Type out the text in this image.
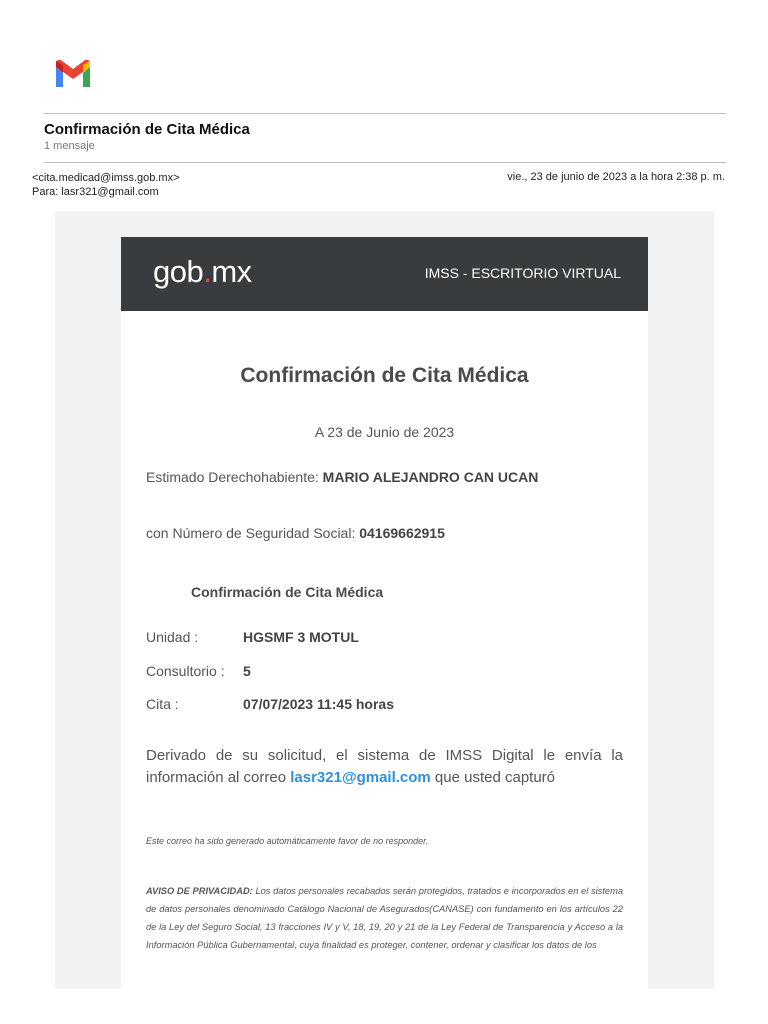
Confirmación de Cita Médica
1 mensaje
<cita.medicad@imss.gob.mx>
Para: lasr321@gmail.com
vie., 23 de junio de 2023 a la hora 2:38 p. m.
gob.mx	IMSS - ESCRITORIO VIRTUAL
Confirmación de Cita Médica
A 23 de Junio de 2023
Estimado Derechohabiente: MARIO ALEJANDRO CAN UCAN
con Número de Seguridad Social: 04169662915
Confirmación de Cita Médica
Unidad :	HGSMF 3 MOTUL
Consultorio : 5
Cita :	07/07/2023 11:45 horas
Derivado de su solicitud, el sistema de IMSS Digital le envía la información al correo lasr321@gmail.com que usted capturó
Este correo ha sido generado automáticamente favor de no responder.
AVISO DE PRIVACIDAD: Los datos personales recabados serán protegidos, tratados e incorporados en el sistema de datos personales denominado Catálogo Nacional de Asegurados(CANASE) con fundamento en los artículos 22 de la Ley del Seguro Social, 13 fracciones IV y V, 18, 19, 20 y 21 de la Ley Federal de Transparencia y Acceso a la Información Pública Gubernamental, cuya finalidad es proteger, contener, ordenar y clasificar los datos de los
